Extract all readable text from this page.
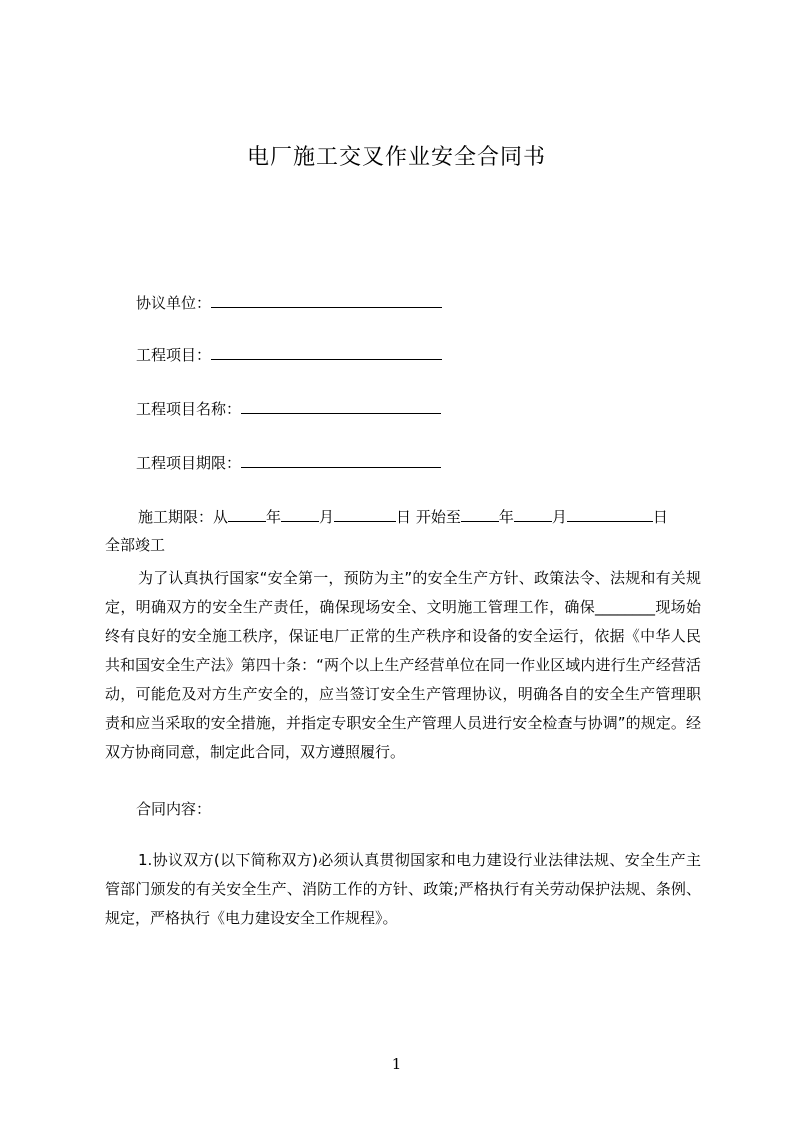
电厂施工交叉作业安全合同书
协议单位：
工程项目：
工程项目名称：
工程项目期限：
施工期限：从	年	月	日 开始至	年	月	日
全部竣工

为了认真执行国家“安全第一，预防为主”的安全生产方针、政策法令、法规和有关规定，明确双方的安全生产责任，确保现场安全、文明施工管理工作，确保________现场始终有良好的安全施工秩序，保证电厂正常的生产秩序和设备的安全运行，依据《中华人民共和国安全生产法》第四十条：“两个以上生产经营单位在同一作业区域内进行生产经营活动，可能危及对方生产安全的，应当签订安全生产管理协议，明确各自的安全生产管理职责和应当采取的安全措施，并指定专职安全生产管理人员进行安全检查与协调”的规定。经双方协商同意，制定此合同，双方遵照履行。

合同内容：

1.协议双方(以下简称双方)必须认真贯彻国家和电力建设行业法律法规、安全生产主管部门颁发的有关安全生产、消防工作的方针、政策;严格执行有关劳动保护法规、条例、规定，严格执行《电力建设安全工作规程》。

1
